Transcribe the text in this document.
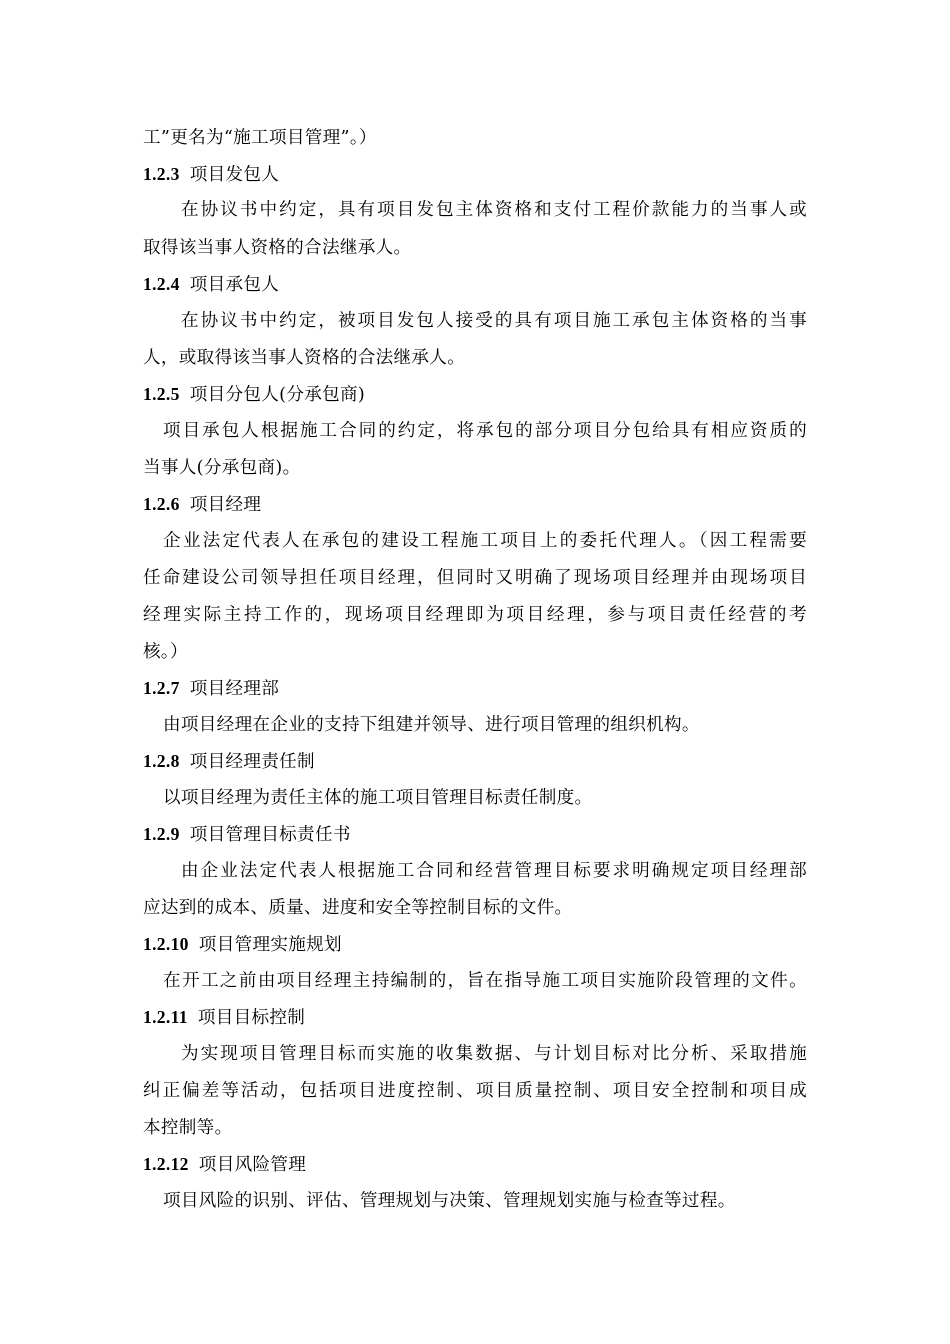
工”更名为“施工项目管理”。）
1.2.3 项目发包人
在协议书中约定，具有项目发包主体资格和支付工程价款能力的当事人或
取得该当事人资格的合法继承人。
1.2.4 项目承包人
在协议书中约定，被项目发包人接受的具有项目施工承包主体资格的当事
人，或取得该当事人资格的合法继承人。
1.2.5 项目分包人(分承包商)
项目承包人根据施工合同的约定，将承包的部分项目分包给具有相应资质的
当事人(分承包商)。
1.2.6 项目经理
企业法定代表人在承包的建设工程施工项目上的委托代理人。（因工程需要
任命建设公司领导担任项目经理，但同时又明确了现场项目经理并由现场项目
经理实际主持工作的，现场项目经理即为项目经理，参与项目责任经营的考
核。）
1.2.7 项目经理部
由项目经理在企业的支持下组建并领导、进行项目管理的组织机构。
1.2.8 项目经理责任制
以项目经理为责任主体的施工项目管理目标责任制度。
1.2.9 项目管理目标责任书
由企业法定代表人根据施工合同和经营管理目标要求明确规定项目经理部
应达到的成本、质量、进度和安全等控制目标的文件。
1.2.10 项目管理实施规划
在开工之前由项目经理主持编制的，旨在指导施工项目实施阶段管理的文件。
1.2.11 项目目标控制
为实现项目管理目标而实施的收集数据、与计划目标对比分析、采取措施
纠正偏差等活动，包括项目进度控制、项目质量控制、项目安全控制和项目成
本控制等。
1.2.12 项目风险管理
项目风险的识别、评估、管理规划与决策、管理规划实施与检查等过程。
